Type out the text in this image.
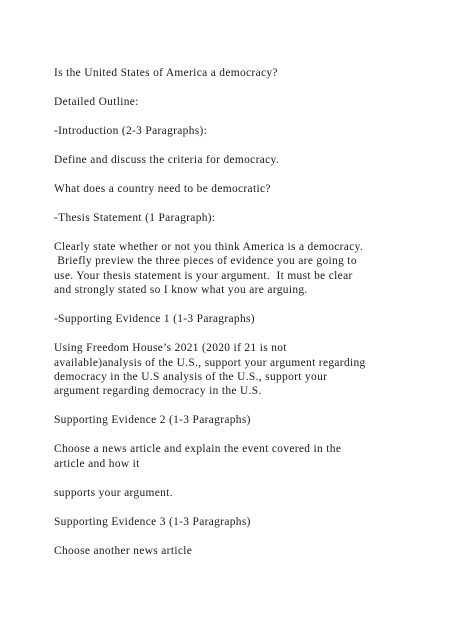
Is the United States of America a democracy?
Detailed Outline:
-Introduction (2-3 Paragraphs):
Define and discuss the criteria for democracy.
What does a country need to be democratic?
-Thesis Statement (1 Paragraph):
Clearly state whether or not you think America is a democracy.
Briefly preview the three pieces of evidence you are going to
use. Your thesis statement is your argument.  It must be clear
and strongly stated so I know what you are arguing.
-Supporting Evidence 1 (1-3 Paragraphs)
Using Freedom House’s 2021 (2020 if 21 is not
available)analysis of the U.S., support your argument regarding
democracy in the U.S analysis of the U.S., support your
argument regarding democracy in the U.S.
Supporting Evidence 2 (1-3 Paragraphs)
Choose a news article and explain the event covered in the
article and how it
supports your argument.
Supporting Evidence 3 (1-3 Paragraphs)
Choose another news article
